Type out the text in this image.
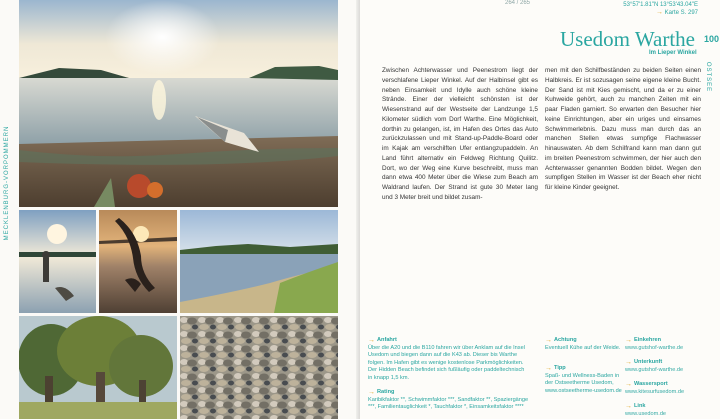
MECKLENBURG-VORPOMMERN
OSTSEE
264 / 265	53°57'1.81"N 13°53'43.04"E
→ Karte S. 297
Usedom Warthe 100
Im Lieper Winkel
Zwischen Achterwasser und Peenestrom liegt der verschlafene Lieper Winkel. Auf der Halbinsel gibt es neben Einsamkeit und Idylle auch schöne kleine Strände. Einer der vielleicht schönsten ist der Wiesenstrand auf der Westseite der Landzunge 1,5 Kilometer südlich vom Dorf Warthe. Eine Möglichkeit, dorthin zu gelangen, ist, im Hafen des Ortes das Auto zurückzulassen und mit Stand-up-Paddle-Board oder im Kajak am verschilften Ufer entlangzupaddeln. An Land führt alternativ ein Feldweg Richtung Quilitz. Dort, wo der Weg eine Kurve beschreibt, muss man dann etwa 400 Meter über die Wiese zum Beach am Waldrand laufen. Der Strand ist gute 30 Meter lang und 3 Meter breit und bildet zusam-
men mit den Schilfbeständen zu beiden Seiten einen Halbkreis. Er ist sozusagen seine eigene kleine Bucht. Der Sand ist mit Kies gemischt, und da er zu einer Kuhweide gehört, auch zu manchen Zeiten mit ein paar Fladen garniert. So erwarten den Besucher hier keine Einrichtungen, aber ein uriges und einsames Schwimmerlebnis. Dazu muss man durch das an manchen Stellen etwas sumpfige Flachwasser hinauswaten. Ab dem Schilfrand kann man dann gut im breiten Peenestrom schwimmen, der hier auch den Achterwasser genannten Bodden bildet. Wegen den sumpfigen Stellen im Wasser ist der Beach eher nicht für kleine Kinder geeignet.
→ Anfahrt
Über die A20 und die B110 fahren wir über Anklam auf die Insel Usedom und biegen dann auf die K43 ab. Dieser bis Warthe folgen. Im Hafen gibt es wenige kostenlose Parkmöglichkeiten. Der Hidden Beach befindet sich fußläufig oder paddeltechnisch in knapp 1,5 km.
→ Rating
Karibikfaktor **, Schwimmfaktor ***, Sandfaktor **, Spaziergänge ***, Familientauglichkeit *, Tauchfaktor *, Einsamkeitsfaktor ****
→ Achtung
Eventuell Kühe auf der Weide.
→ Tipp
Spaß- und Wellness-Baden in der Ostseetherme Usedom, www.ostseetherme-usedom.de
→ Einkehren
www.gutshof-warthe.de
→ Unterkunft
www.gutshof-warthe.de
→ Wassersport
www.kitesurfusedom.de
→ Link
www.usedom.de
